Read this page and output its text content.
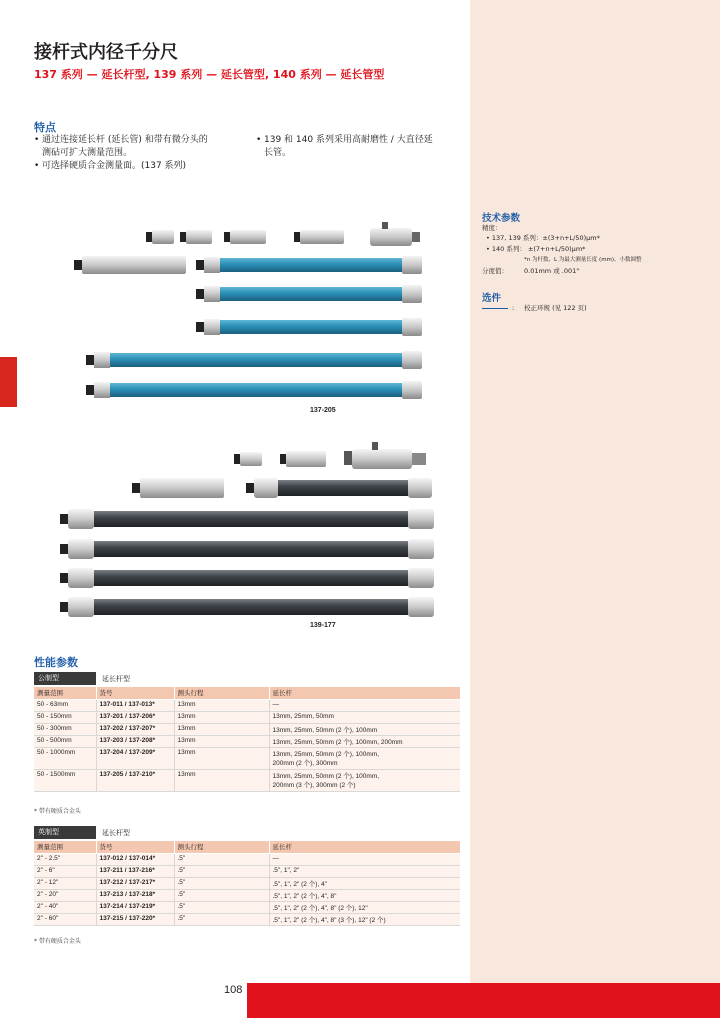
接杆式内径千分尺
137 系列 — 延长杆型, 139 系列 — 延长管型, 140 系列 — 延长管型
特点
• 通过连接延长杆 (延长管) 和带有微分头的
测砧可扩大测量范围。
• 可选择硬质合金测量面。(137 系列)
• 139 和 140 系列采用高耐磨性 / 大直径延
长管。
技术参数
精度：
• 137, 139 系列：±(3+n+L/50)μm*
• 140 系列： ±(7+n+L/50)μm*
*n 为杆数、L 为最大测量长度 (mm)、小数圆整
分度值： 0.01mm 或 .001"
选件
: 校正环规 (见 122 页)
137-205
139-177
性能参数
公制型	延长杆型
测量范围	货号	测头行程	延长杆
50 - 63mm	137-011 / 137-013*	13mm	—
50 - 150mm	137-201 / 137-206*	13mm	13mm, 25mm, 50mm
50 - 300mm	137-202 / 137-207*	13mm	13mm, 25mm, 50mm (2 个), 100mm
50 - 500mm	137-203 / 137-208*	13mm	13mm, 25mm, 50mm (2 个), 100mm, 200mm
50 - 1000mm	137-204 / 137-209*	13mm	13mm, 25mm, 50mm (2 个), 100mm,
200mm (2 个), 300mm

50 - 1500mm	137-205 / 137-210*	13mm	13mm, 25mm, 50mm (2 个), 100mm,
200mm (3 个), 300mm (2 个)
* 带有硬质合金头
英制型	延长杆型
测量范围	货号	测头行程	延长杆
2" - 2.5"	137-012 / 137-014*	.5"	—
2" - 6"	137-211 / 137-216*	.5"	.5", 1", 2"
2" - 12"	137-212 / 137-217*	.5"	.5", 1", 2" (2 个), 4"
2" - 20"	137-213 / 137-218*	.5"	.5", 1", 2" (2 个), 4", 8"
2" - 40"	137-214 / 137-219*	.5"	.5", 1", 2" (2 个), 4", 8" (2 个), 12"
2" - 60"	137-215 / 137-220*	.5"	.5", 1", 2" (2 个), 4", 8" (3 个), 12" (2 个)
* 带有硬质合金头
108
